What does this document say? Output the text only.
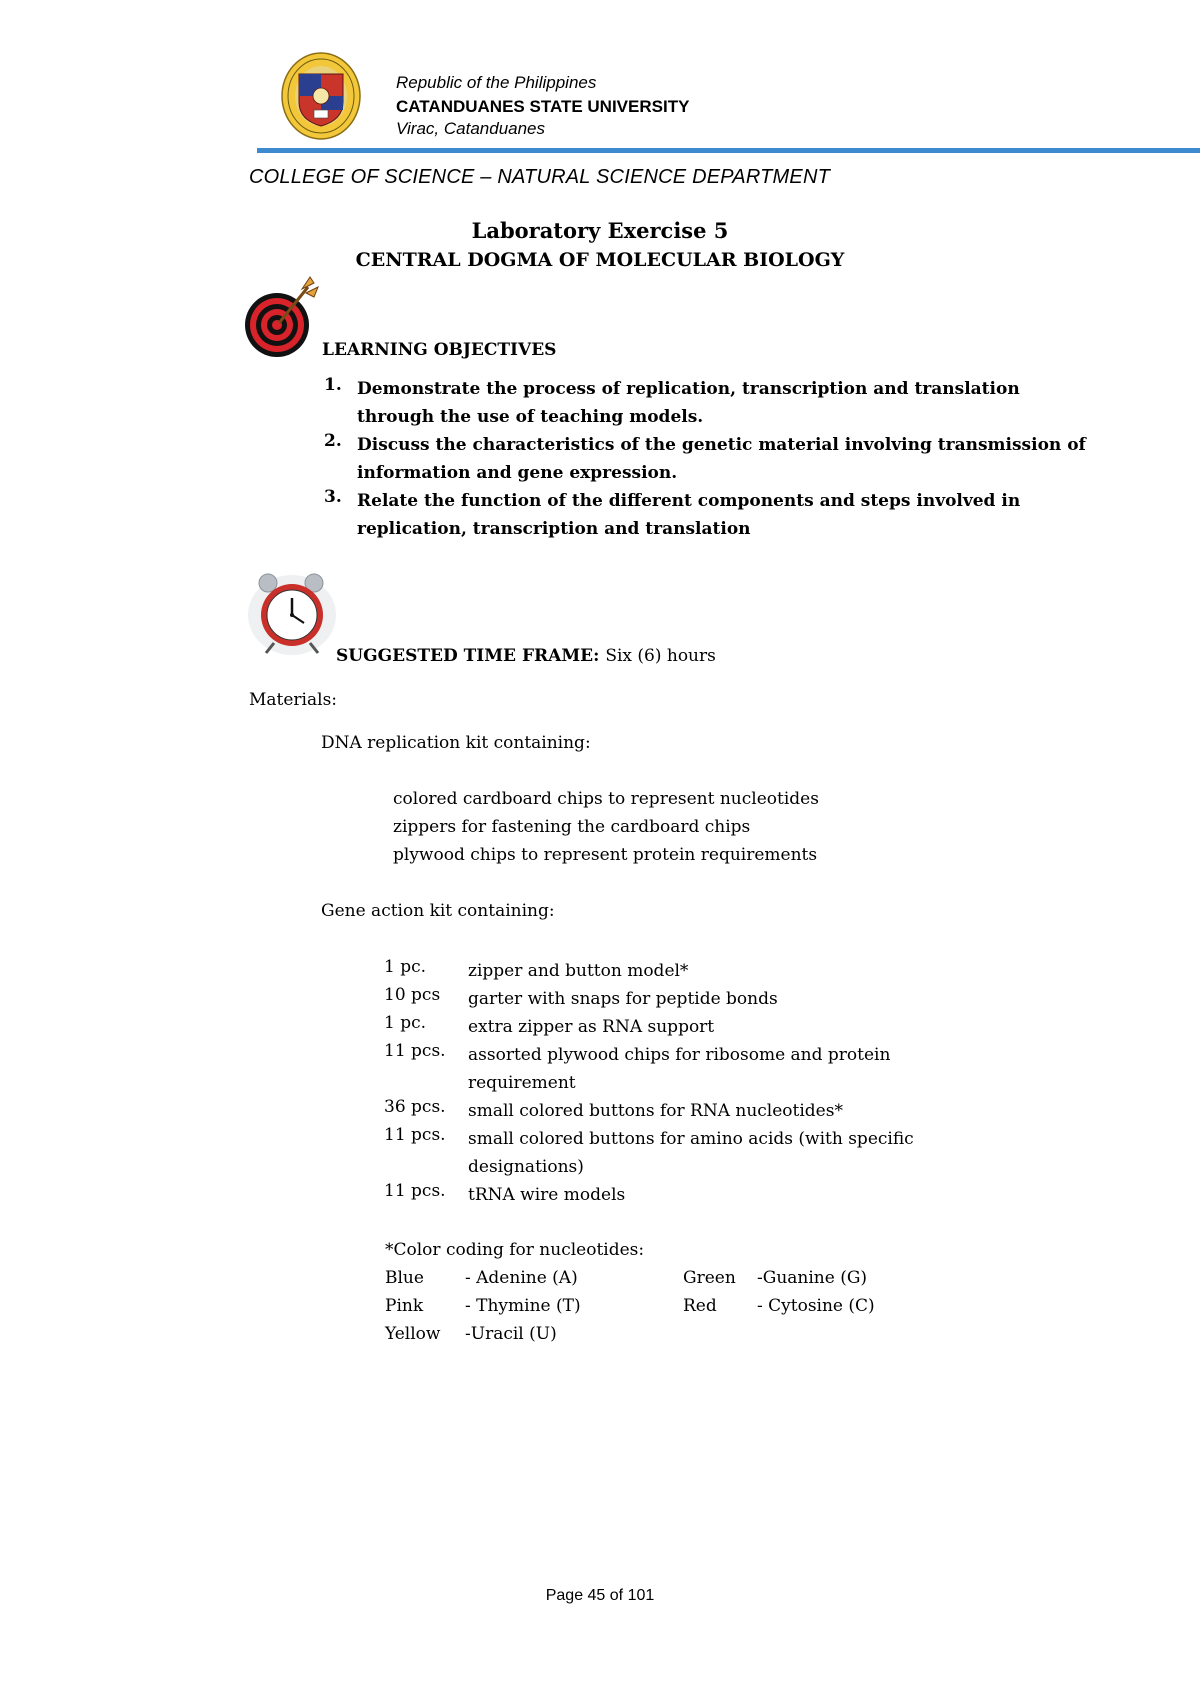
Republic of the Philippines
CATANDUANES STATE UNIVERSITY
Virac, Catanduanes
COLLEGE OF SCIENCE – NATURAL SCIENCE DEPARTMENT
Laboratory Exercise 5
CENTRAL DOGMA OF MOLECULAR BIOLOGY
LEARNING OBJECTIVES
1. Demonstrate the process of replication, transcription and translation through the use of teaching models.
2. Discuss the characteristics of the genetic material involving transmission of information and gene expression.
3. Relate the function of the different components and steps involved in replication, transcription and translation
SUGGESTED TIME FRAME: Six (6) hours
Materials:
DNA replication kit containing:
colored cardboard chips to represent nucleotides
zippers for fastening the cardboard chips
plywood chips to represent protein requirements
Gene action kit containing:
1 pc.	zipper and button model*
10 pcs	garter with snaps for peptide bonds
1 pc.	extra zipper as RNA support
11 pcs.	assorted plywood chips for ribosome and protein requirement
36 pcs.	small colored buttons for RNA nucleotides*
11 pcs.	small colored buttons for amino acids (with specific designations)
11 pcs.	tRNA wire models
*Color coding for nucleotides:
Blue - Adenine (A)	Green -Guanine (G)
Pink - Thymine (T)	Red - Cytosine (C)
Yellow -Uracil (U)
Page 45 of 101
